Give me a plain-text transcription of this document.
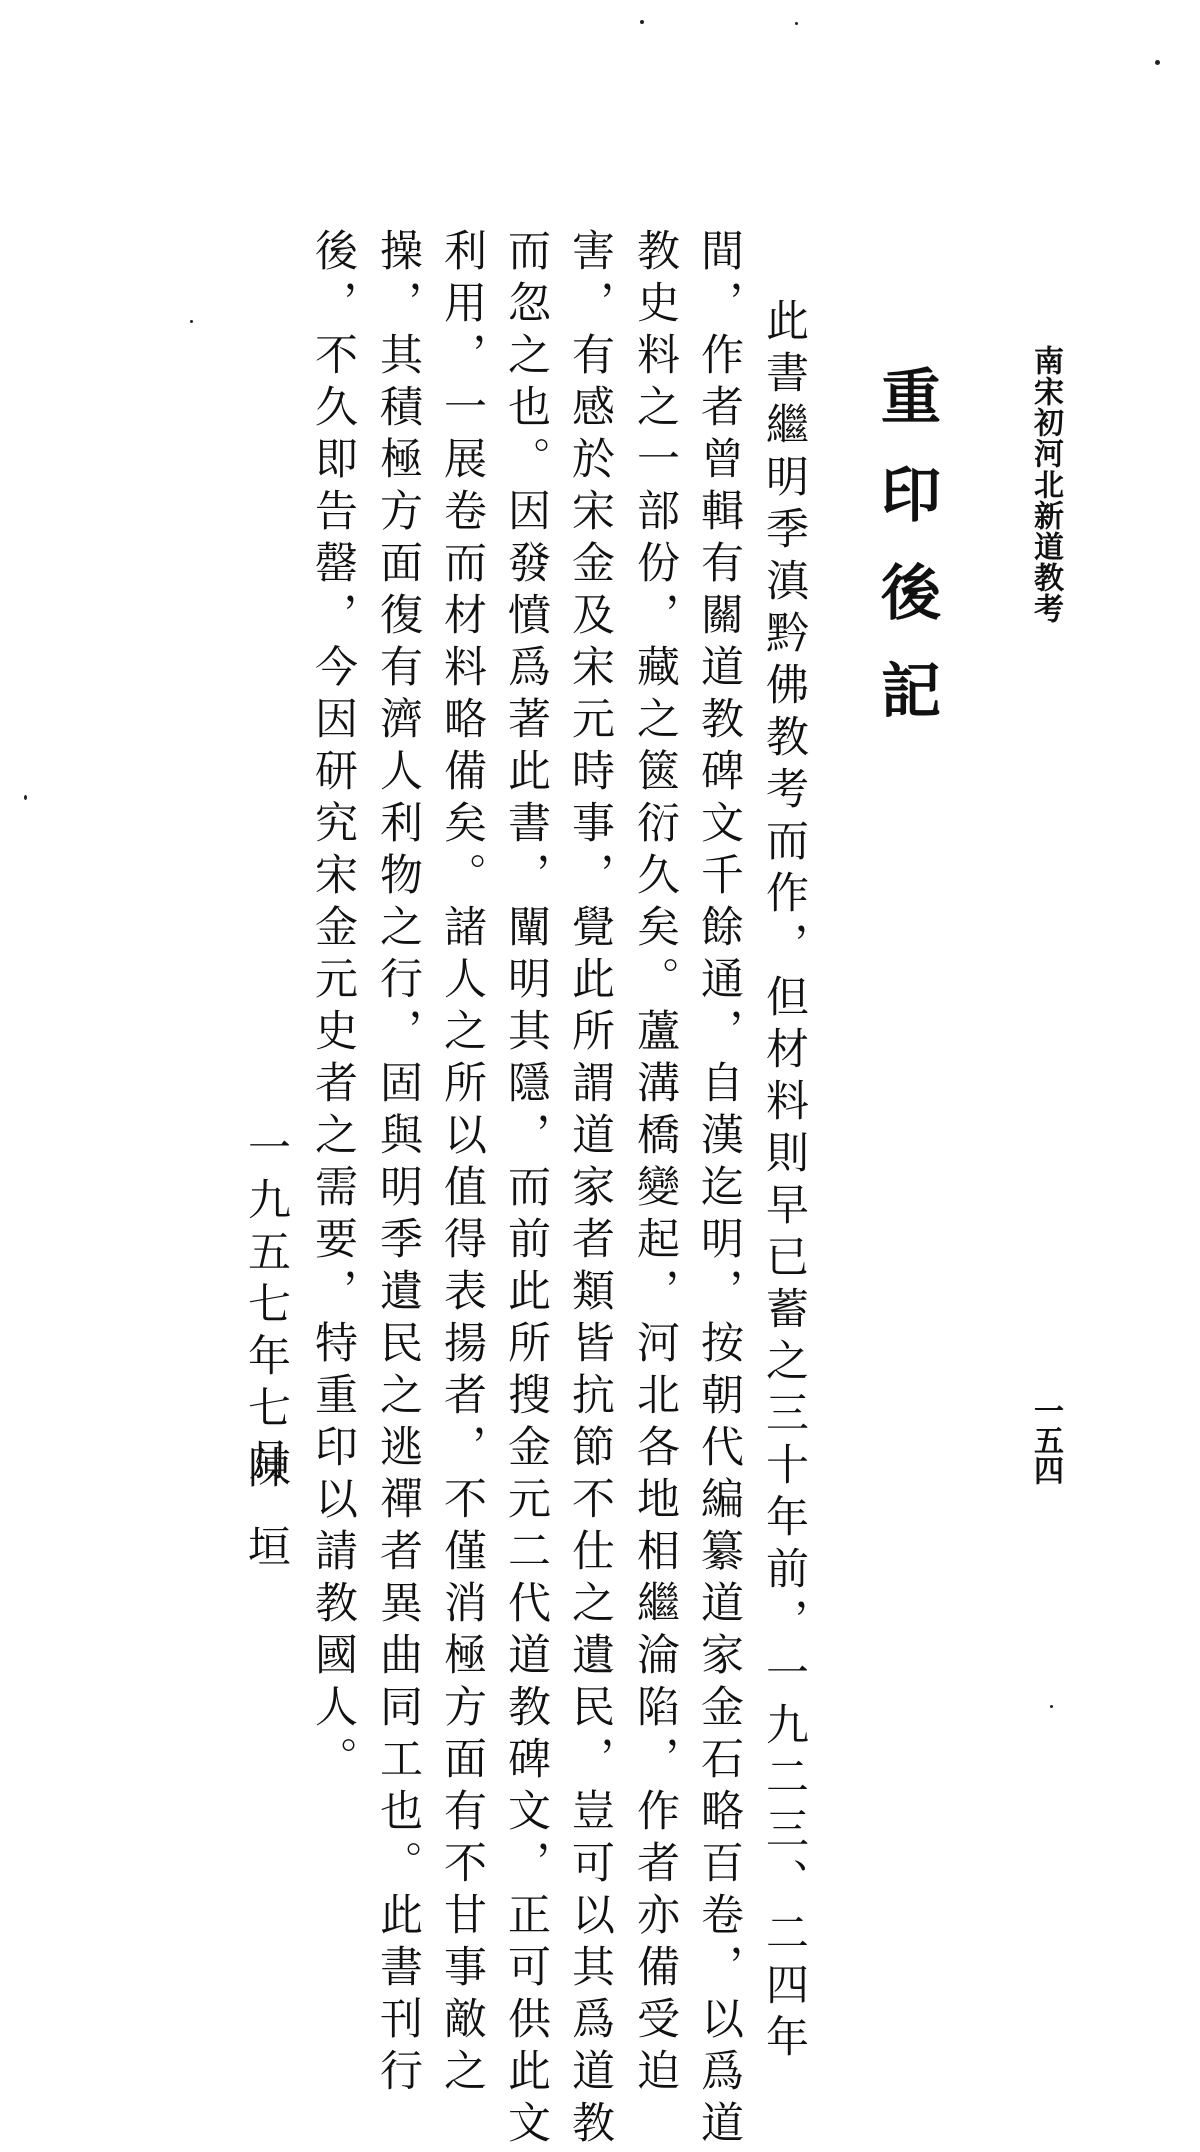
南宋初河北新道教考
一五四
重印後記
此書繼明季滇黔佛教考而作，但材料則早已蓄之三十年前，一九二三、二四年
間，作者曾輯有關道教碑文千餘通，自漢迄明，按朝代編纂道家金石略百卷，以爲道
教史料之一部份，藏之篋衍久矣。蘆溝橋變起，河北各地相繼淪陷，作者亦備受迫
害，有感於宋金及宋元時事，覺此所謂道家者類皆抗節不仕之遺民，豈可以其爲道教
而忽之也。因發憤爲著此書，闡明其隱，而前此所搜金元二代道教碑文，正可供此文
利用，一展卷而材料略備矣。諸人之所以值得表揚者，不僅消極方面有不甘事敵之
操，其積極方面復有濟人利物之行，固與明季遺民之逃禪者異曲同工也。此書刊行
後，不久即告罄，今因研究宋金元史者之需要，特重印以請教國人。
一九五七年七月
陳垣
